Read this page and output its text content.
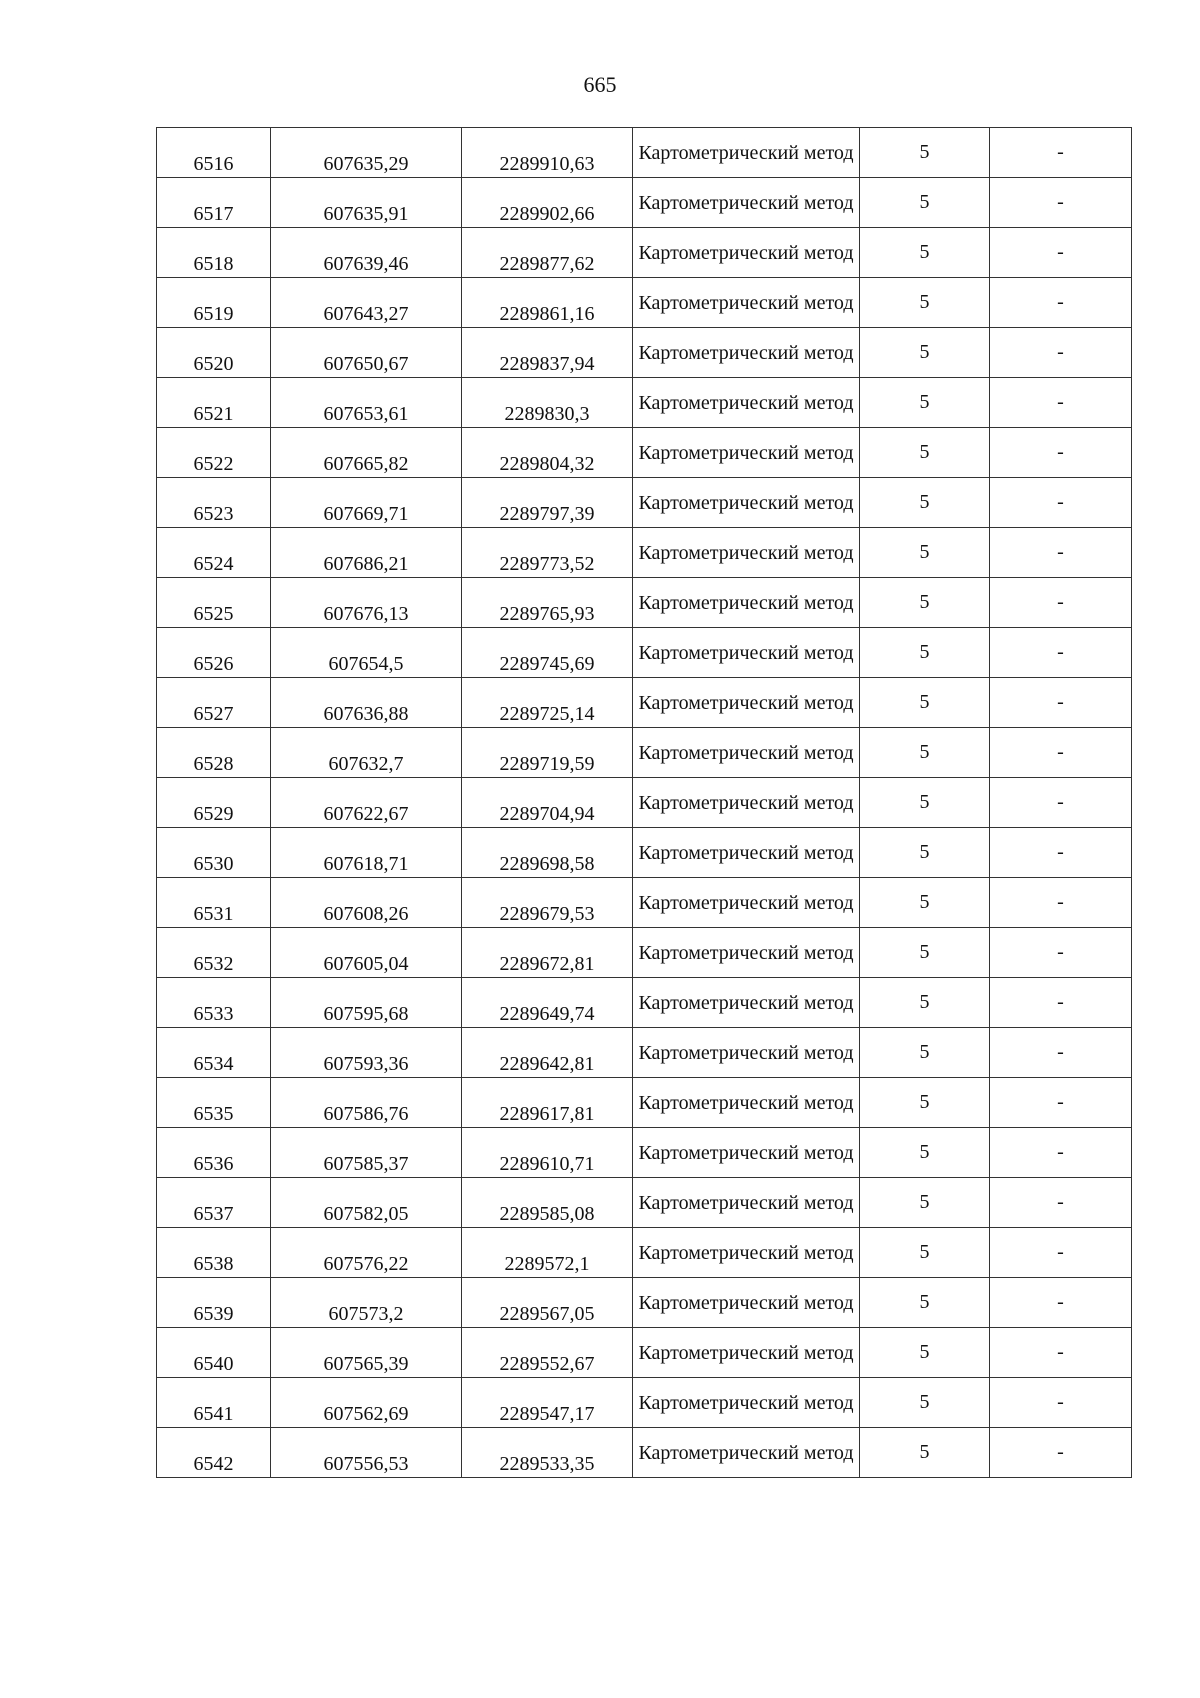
665
6516	607635,29	2289910,63	Картометрический метод	5	-
6517	607635,91	2289902,66	Картометрический метод	5	-
6518	607639,46	2289877,62	Картометрический метод	5	-
6519	607643,27	2289861,16	Картометрический метод	5	-
6520	607650,67	2289837,94	Картометрический метод	5	-
6521	607653,61	2289830,3	Картометрический метод	5	-
6522	607665,82	2289804,32	Картометрический метод	5	-
6523	607669,71	2289797,39	Картометрический метод	5	-
6524	607686,21	2289773,52	Картометрический метод	5	-
6525	607676,13	2289765,93	Картометрический метод	5	-
6526	607654,5	2289745,69	Картометрический метод	5	-
6527	607636,88	2289725,14	Картометрический метод	5	-
6528	607632,7	2289719,59	Картометрический метод	5	-
6529	607622,67	2289704,94	Картометрический метод	5	-
6530	607618,71	2289698,58	Картометрический метод	5	-
6531	607608,26	2289679,53	Картометрический метод	5	-
6532	607605,04	2289672,81	Картометрический метод	5	-
6533	607595,68	2289649,74	Картометрический метод	5	-
6534	607593,36	2289642,81	Картометрический метод	5	-
6535	607586,76	2289617,81	Картометрический метод	5	-
6536	607585,37	2289610,71	Картометрический метод	5	-
6537	607582,05	2289585,08	Картометрический метод	5	-
6538	607576,22	2289572,1	Картометрический метод	5	-
6539	607573,2	2289567,05	Картометрический метод	5	-
6540	607565,39	2289552,67	Картометрический метод	5	-
6541	607562,69	2289547,17	Картометрический метод	5	-
6542	607556,53	2289533,35	Картометрический метод	5	-
